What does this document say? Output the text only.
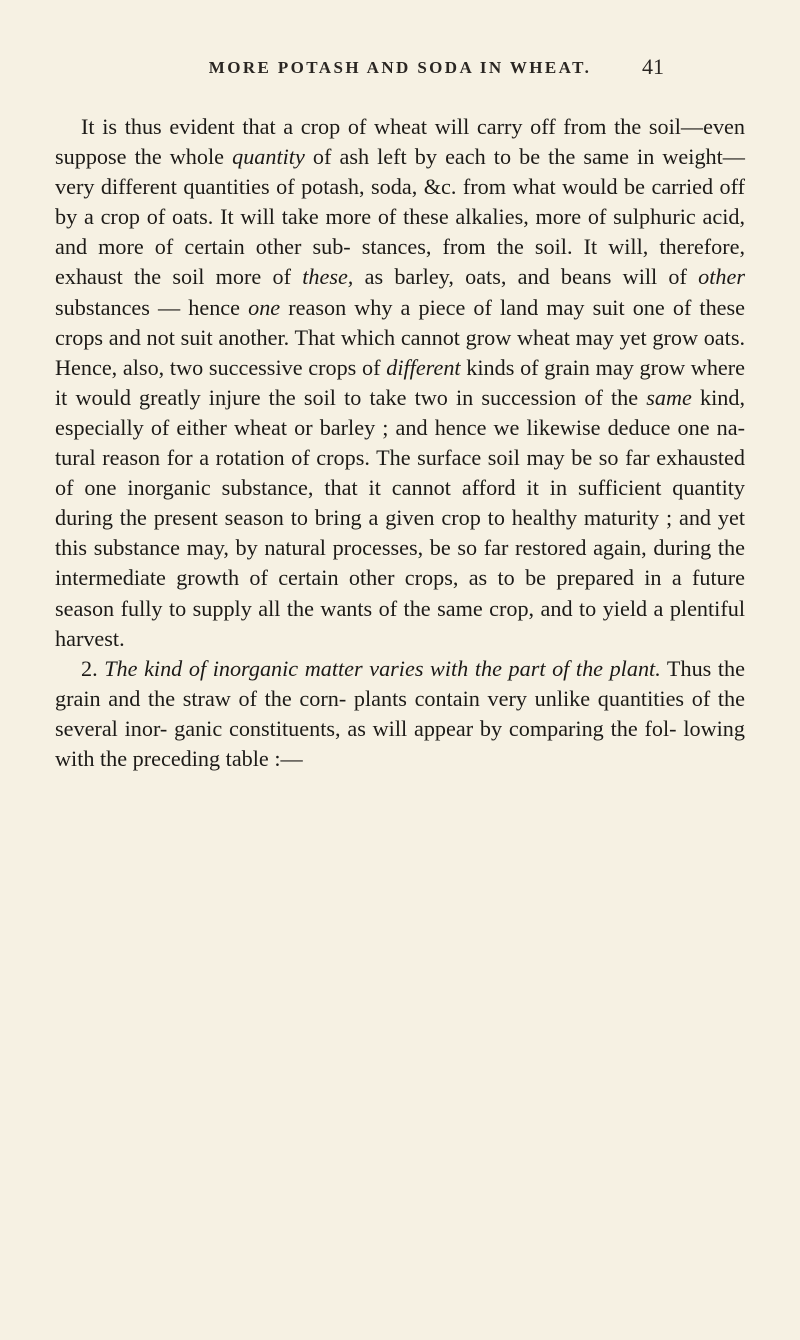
MORE POTASH AND SODA IN WHEAT.	41

It is thus evident that a crop of wheat will carry off from the soil—even suppose the whole quantity of ash left by each to be the same in weight—very different quantities of potash, soda, &c. from what would be carried off by a crop of oats. It will take more of these alkalies, more of sulphuric acid, and more of certain other sub- stances, from the soil. It will, therefore, exhaust the soil more of these, as barley, oats, and beans will of other substances — hence one reason why a piece of land may suit one of these crops and not suit another. That which cannot grow wheat may yet grow oats. Hence, also, two successive crops of different kinds of grain may grow where it would greatly injure the soil to take two in succession of the same kind, especially of either wheat or barley ; and hence we likewise deduce one na- tural reason for a rotation of crops. The surface soil may be so far exhausted of one inorganic substance, that it cannot afford it in sufficient quantity during the present season to bring a given crop to healthy maturity ; and yet this substance may, by natural processes, be so far restored again, during the intermediate growth of certain other crops, as to be prepared in a future season fully to supply all the wants of the same crop, and to yield a plentiful harvest.

2. The kind of inorganic matter varies with the part of the plant. Thus the grain and the straw of the corn- plants contain very unlike quantities of the several inor- ganic constituents, as will appear by comparing the fol- lowing with the preceding table :—
